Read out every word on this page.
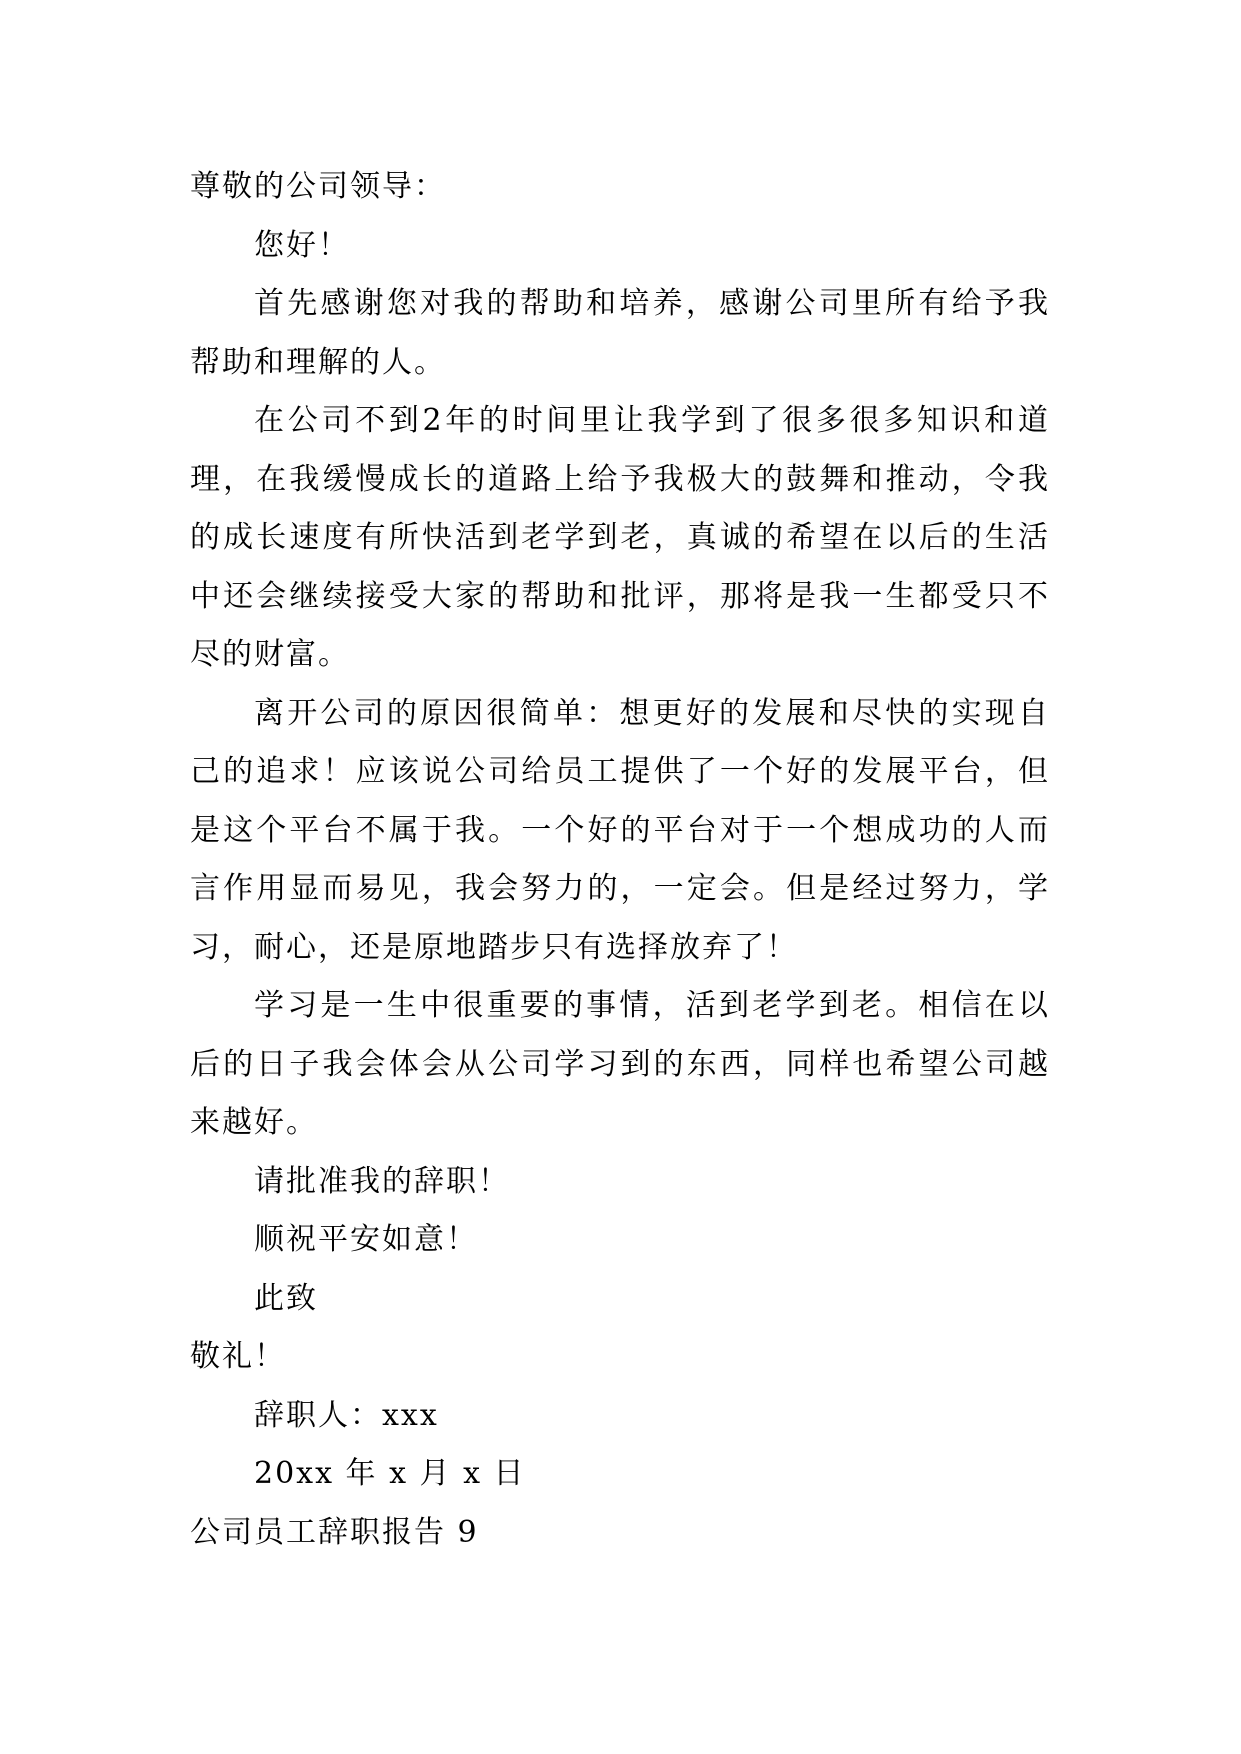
尊敬的公司领导：

您好！

首先感谢您对我的帮助和培养，感谢公司里所有给予我帮助和理解的人。

在公司不到2年的时间里让我学到了很多很多知识和道理，在我缓慢成长的道路上给予我极大的鼓舞和推动，令我的成长速度有所快活到老学到老，真诚的希望在以后的生活中还会继续接受大家的帮助和批评，那将是我一生都受只不尽的财富。

离开公司的原因很简单：想更好的发展和尽快的实现自己的追求！应该说公司给员工提供了一个好的发展平台，但是这个平台不属于我。一个好的平台对于一个想成功的人而言作用显而易见，我会努力的，一定会。但是经过努力，学习，耐心，还是原地踏步只有选择放弃了！

学习是一生中很重要的事情，活到老学到老。相信在以后的日子我会体会从公司学习到的东西，同样也希望公司越来越好。

请批准我的辞职！

顺祝平安如意！

此致

敬礼！

辞职人：xxx

20xx 年 x 月 x 日

公司员工辞职报告 9
